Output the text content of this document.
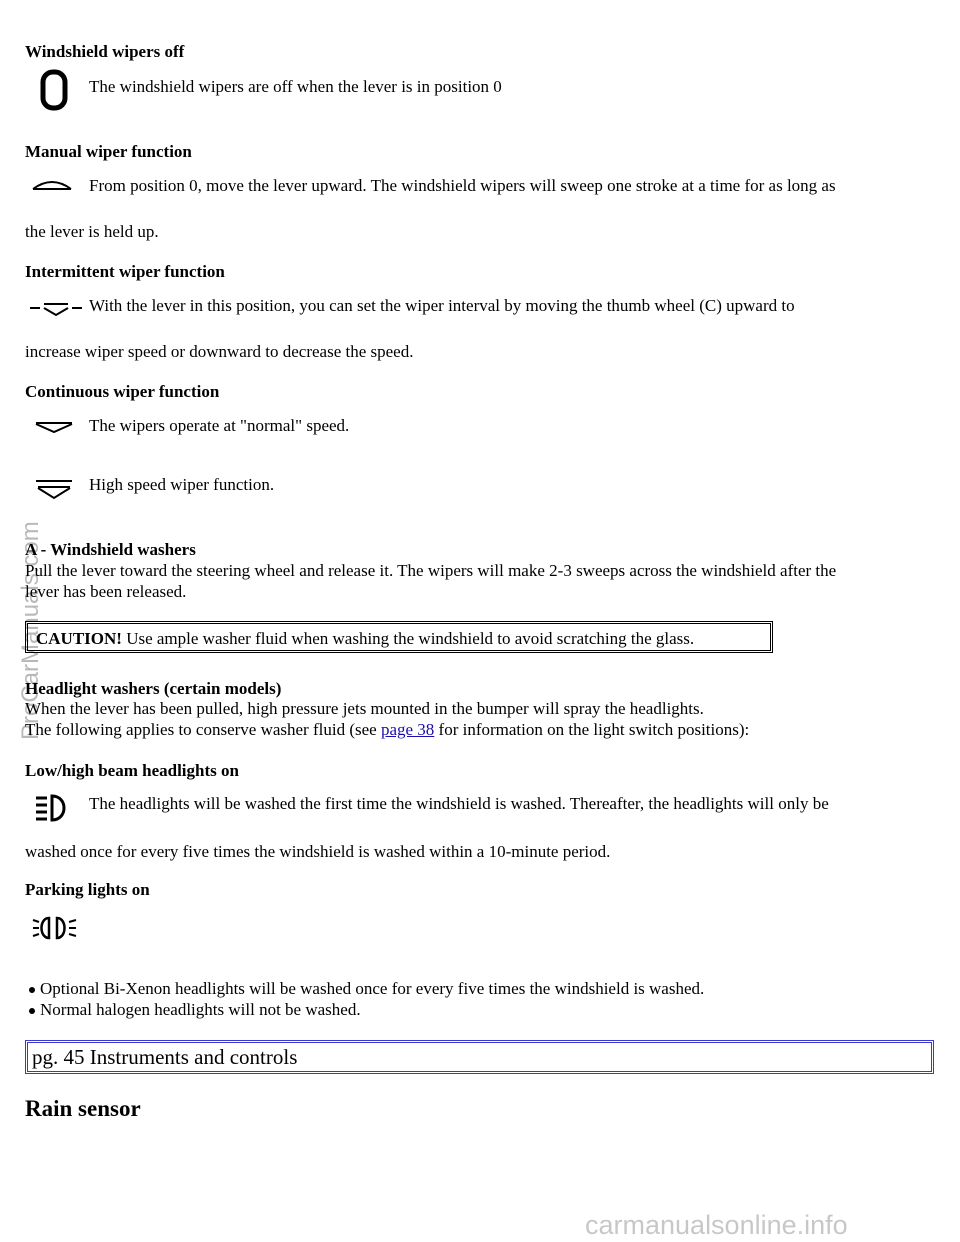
ProCarManuals.com
carmanualsonline.info
Windshield wipers off
The windshield wipers are off when the lever is in position 0
Manual wiper function
From position 0, move the lever upward. The windshield wipers will sweep one stroke at a time for as long as
the lever is held up.
Intermittent wiper function
With the lever in this position, you can set the wiper interval by moving the thumb wheel (C) upward to
increase wiper speed or downward to decrease the speed.
Continuous wiper function
The wipers operate at "normal" speed.
High speed wiper function.
A - Windshield washers
Pull the lever toward the steering wheel and release it. The wipers will make 2-3 sweeps across the windshield after the
lever has been released.
CAUTION! Use ample washer fluid when washing the windshield to avoid scratching the glass.
Headlight washers (certain models)
When the lever has been pulled, high pressure jets mounted in the bumper will spray the headlights.
The following applies to conserve washer fluid (see page 38 for information on the light switch positions):
Low/high beam headlights on
The headlights will be washed the first time the windshield is washed. Thereafter, the headlights will only be
washed once for every five times the windshield is washed within a 10-minute period.
Parking lights on
Optional Bi-Xenon headlights will be washed once for every five times the windshield is washed.
Normal halogen headlights will not be washed.
pg. 45 Instruments and controls
Rain sensor
